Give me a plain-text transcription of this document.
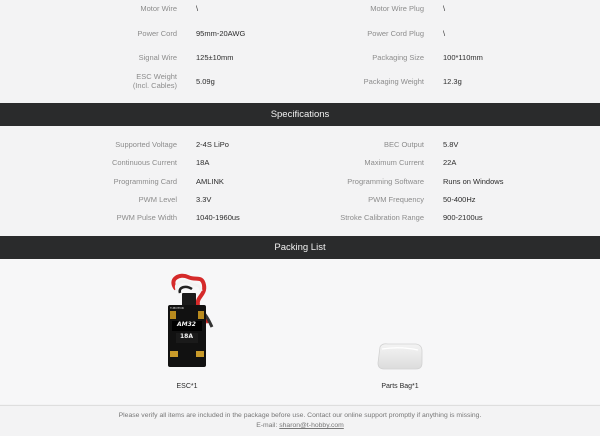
Motor Wire	\	Motor Wire Plug	\
Power Cord	95mm-20AWG	Power Cord Plug	\
Signal Wire	125±10mm	Packaging Size	100*110mm
ESC Weight
(Incl. Cables)	5.09g	Packaging Weight	12.3g
Specifications
Supported Voltage	2-4S LiPo	BEC Output	5.8V
Continuous Current	18A	Maximum Current	22A
Programming Card	AMLINK	Programming Software	Runs on Windows
PWM Level	3.3V	PWM Frequency	50-400Hz
PWM Pulse Width	1040-1960us	Stroke Calibration Range	900-2100us
Packing List
T-MOTOR
AM32
18A
ESC*1	Parts Bag*1
Please verify all items are included in the package before use. Contact our online support promptly if anything is missing.
E-mail: sharon@t-hobby.com
